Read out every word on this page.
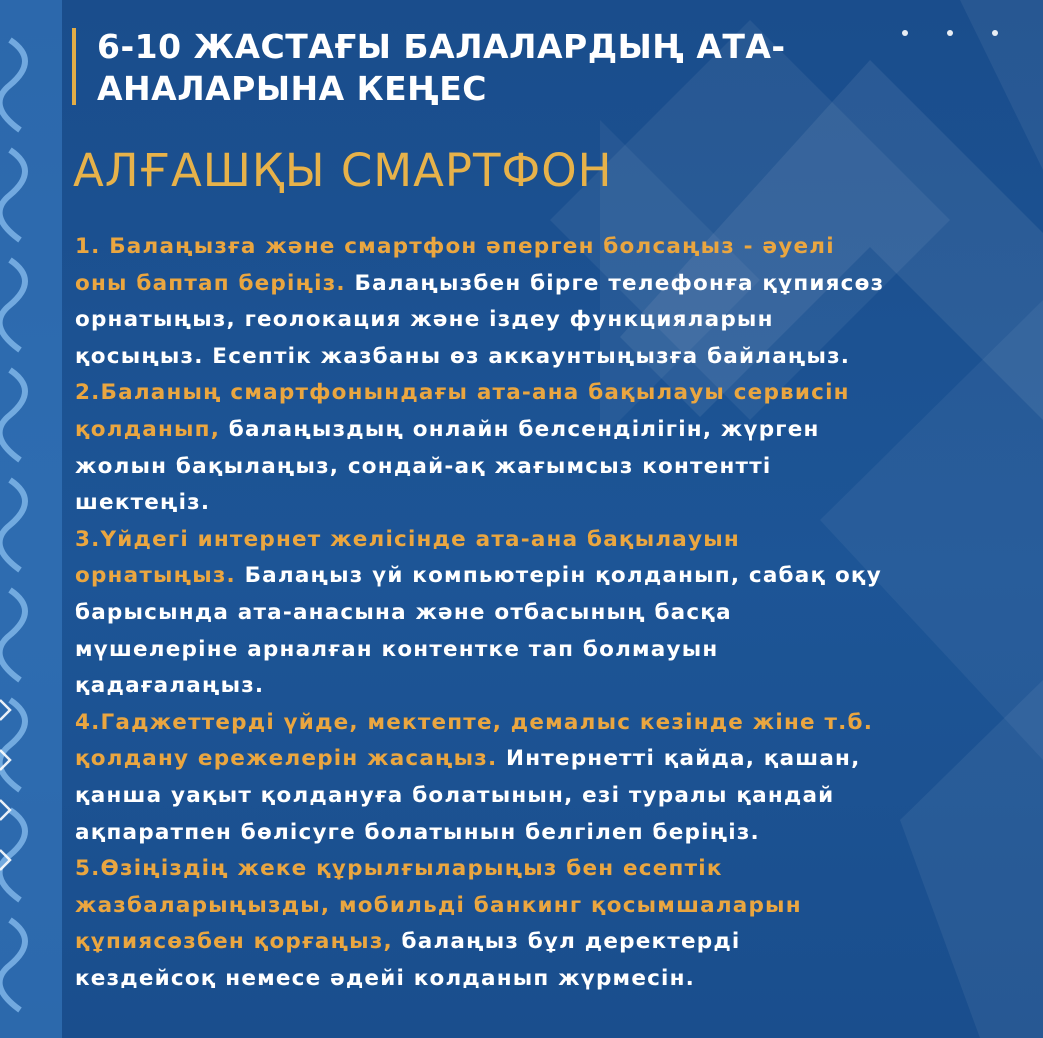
6-10 ЖАСТАҒЫ БАЛАЛАРДЫҢ АТА-
АНАЛАРЫНА КЕҢЕС
АЛҒАШҚЫ СМАРТФОН
1. Балаңызға және смартфон әперген болсаңыз - әуелі
оны баптап беріңіз. Балаңызбен бірге телефонға құпиясөз
орнатыңыз, геолокация және іздеу функцияларын
қосыңыз. Есептік жазбаны өз аккаунтыңызға байлаңыз.
2.Баланың смартфонындағы ата-ана бақылауы сервисін
қолданып, балаңыздың онлайн белсенділігін, жүрген
жолын бақылаңыз, сондай-ақ жағымсыз контентті
шектеңіз.
3.Үйдегі интернет желісінде ата-ана бақылауын
орнатыңыз. Балаңыз үй компьютерін қолданып, сабақ оқу
барысында ата-анасына және отбасының басқа
мүшелеріне арналған контентке тап болмауын
қадағалаңыз.
4.Гаджеттерді үйде, мектепте, демалыс кезінде жіне т.б.
қолдану ережелерін жасаңыз. Интернетті қайда, қашан,
қанша уақыт қолдануға болатынын, езі туралы қандай
ақпаратпен бөлісуге болатынын белгілеп беріңіз.
5.Өзіңіздің жеке құрылғыларыңыз бен есептік
жазбаларыңызды, мобильді банкинг қосымшаларын
құпиясөзбен қорғаңыз, балаңыз бұл деректерді
кездейсоқ немесе әдейі колданып жүрмесін.
